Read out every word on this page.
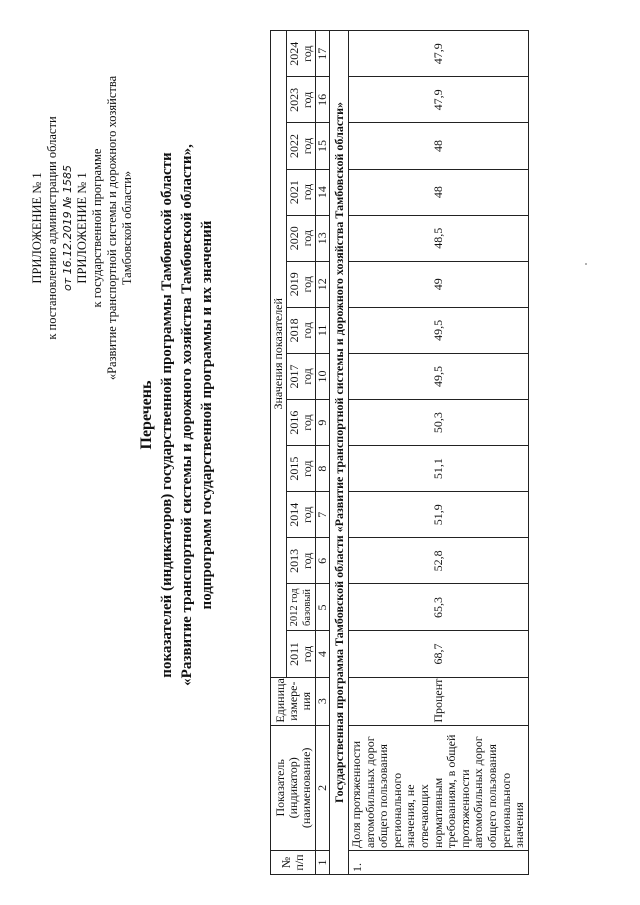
ПРИЛОЖЕНИЕ № 1 к постановлению администрации области от 16.12.2019 № 1585 ПРИЛОЖЕНИЕ № 1 к государственной программе «Развитие транспортной системы и дорожного хозяйства Тамбовской области»
Перечень показателей (индикаторов) государственной программы Тамбовской области «Развитие транспортной системы и дорожного хозяйства Тамбовской области», подпрограмм государственной программы и их значений
№ п/п	Показатель (индикатор) (наименование)	Единица измере-ния	Значения показателей													
			2011 год	2012 год базовый	2013 год	2014 год	2015 год	2016 год	2017 год	2018 год	2019 год	2020 год	2021 год	2022 год	2023 год	2024 год
1	2	3	4	5	6	7	8	9	10	11	12	13	14	15	16	17
Государственная программа Тамбовской области «Развитие транспортной системы и дорожного хозяйства Тамбовской области»																
1.	Доля протяженности автомобильных дорог общего пользования регионального значения, не отвечающих нормативным требованиям, в общей протяженности автомобильных дорог общего пользования регионального значения	Процент	68,7	65,3	52,8	51,9	51,1	50,3	49,5	49,5	49	48,5	48	48	47,9	47,9
